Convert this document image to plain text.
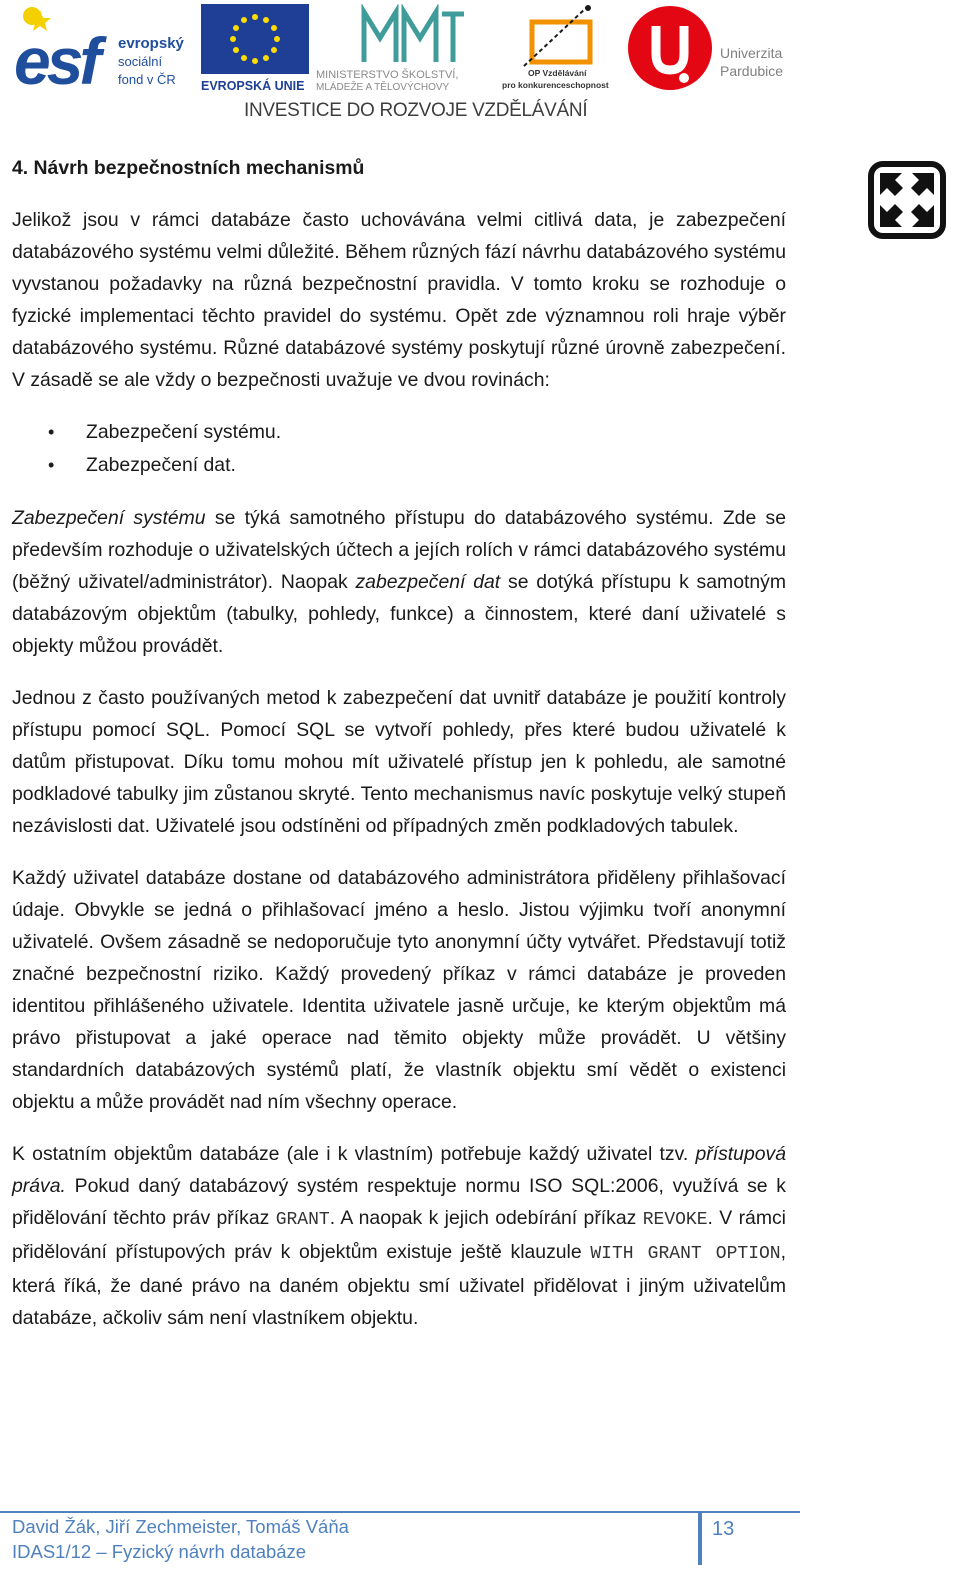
esf	evropský
sociální
fond v ČR EVROPSKÁ UNIE
MINISTERSTVO ŠKOLSTVÍ,
MLÁDEŽE A TĚLOVÝCHOVY
OP Vzdělávání
pro konkurenceschopnost
Univerzita
Pardubice
INVESTICE DO ROZVOJE VZDĚLÁVÁNÍ
4. Návrh bezpečnostních mechanismů

Jelikož jsou v rámci databáze často uchovávána velmi citlivá data, je zabezpečení databázového systému velmi důležité. Během různých fází návrhu databázového systému vyvstanou požadavky na různá bezpečnostní pravidla. V tomto kroku se rozhoduje o fyzické implementaci těchto pravidel do systému. Opět zde významnou roli hraje výběr databázového systému. Různé databázové systémy poskytují různé úrovně zabezpečení. V zásadě se ale vždy o bezpečnosti uvažuje ve dvou rovinách:

• Zabezpečení systému.
• Zabezpečení dat.

Zabezpečení systému se týká samotného přístupu do databázového systému. Zde se především rozhoduje o uživatelských účtech a jejích rolích v rámci databázového systému (běžný uživatel/administrátor). Naopak zabezpečení dat se dotýká přístupu k samotným databázovým objektům (tabulky, pohledy, funkce) a činnostem, které daní uživatelé s objekty můžou provádět.

Jednou z často používaných metod k zabezpečení dat uvnitř databáze je použití kontroly přístupu pomocí SQL. Pomocí SQL se vytvoří pohledy, přes které budou uživatelé k datům přistupovat. Díku tomu mohou mít uživatelé přístup jen k pohledu, ale samotné podkladové tabulky jim zůstanou skryté. Tento mechanismus navíc poskytuje velký stupeň nezávislosti dat. Uživatelé jsou odstíněni od případných změn podkladových tabulek.

Každý uživatel databáze dostane od databázového administrátora přiděleny přihlašovací údaje. Obvykle se jedná o přihlašovací jméno a heslo. Jistou výjimku tvoří anonymní uživatelé. Ovšem zásadně se nedoporučuje tyto anonymní účty vytvářet. Představují totiž značné bezpečnostní riziko. Každý provedený příkaz v rámci databáze je proveden identitou přihlášeného uživatele. Identita uživatele jasně určuje, ke kterým objektům má právo přistupovat a jaké operace nad těmito objekty může provádět. U většiny standardních databázových systémů platí, že vlastník objektu smí vědět o existenci objektu a může provádět nad ním všechny operace.

K ostatním objektům databáze (ale i k vlastním) potřebuje každý uživatel tzv. přístupová práva. Pokud daný databázový systém respektuje normu ISO SQL:2006, využívá se k přidělování těchto práv příkaz GRANT. A naopak k jejich odebírání příkaz REVOKE. V rámci přidělování přístupových práv k objektům existuje ještě klauzule WITH GRANT OPTION, která říká, že dané právo na daném objektu smí uživatel přidělovat i jiným uživatelům databáze, ačkoliv sám není vlastníkem objektu.

David Žák, Jiří Zechmeister, Tomáš Váňa
IDAS1/12 – Fyzický návrh databáze
13
